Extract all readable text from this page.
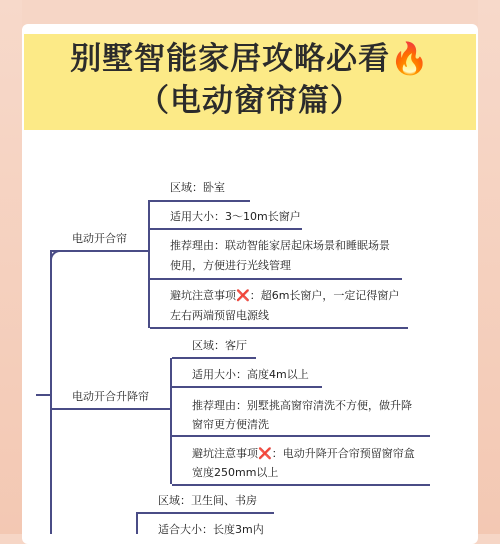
别墅智能家居攻略必看🔥
（电动窗帘篇）
电动开合帘
区域：卧室
适用大小：3～10m长窗户
推荐理由：联动智能家居起床场景和睡眠场景
使用，方便进行光线管理
避坑注意事项❌：超6m长窗户，一定记得窗户
左右两端预留电源线
电动开合升降帘
区域：客厅
适用大小：高度4m以上
推荐理由：别墅挑高窗帘清洗不方便，做升降
窗帘更方便清洗
避坑注意事项❌：电动升降开合帘预留窗帘盒
宽度250mm以上
区域：卫生间、书房
适合大小：长度3m内
